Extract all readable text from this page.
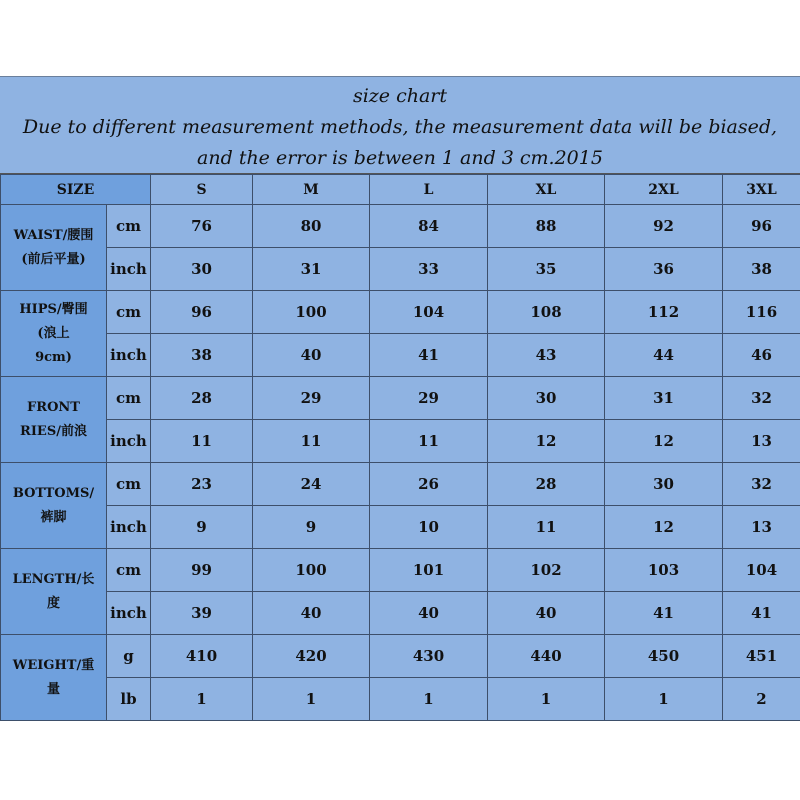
size chart
Due to different measurement methods, the measurement data will be biased,
and the error is between 1 and 3 cm.2015
SIZE		S	M	L	XL	2XL	3XL

WAIST/腰围
(前后平量)	cm	76	80	84	88	92	96
	inch	30	31	33	35	36	38

HIPS/臀围
(浪上
9cm)	cm	96	100	104	108	112	116
	inch	38	40	41	43	44	46

FRONT
RIES/前浪	cm	28	29	29	30	31	32
	inch	11	11	11	12	12	13

BOTTOMS/
裤脚	cm	23	24	26	28	30	32
	inch	9	9	10	11	12	13

LENGTH/长
度	cm	99	100	101	102	103	104
	inch	39	40	40	40	41	41

WEIGHT/重
量	g	410	420	430	440	450	451
	lb	1	1	1	1	1	2
